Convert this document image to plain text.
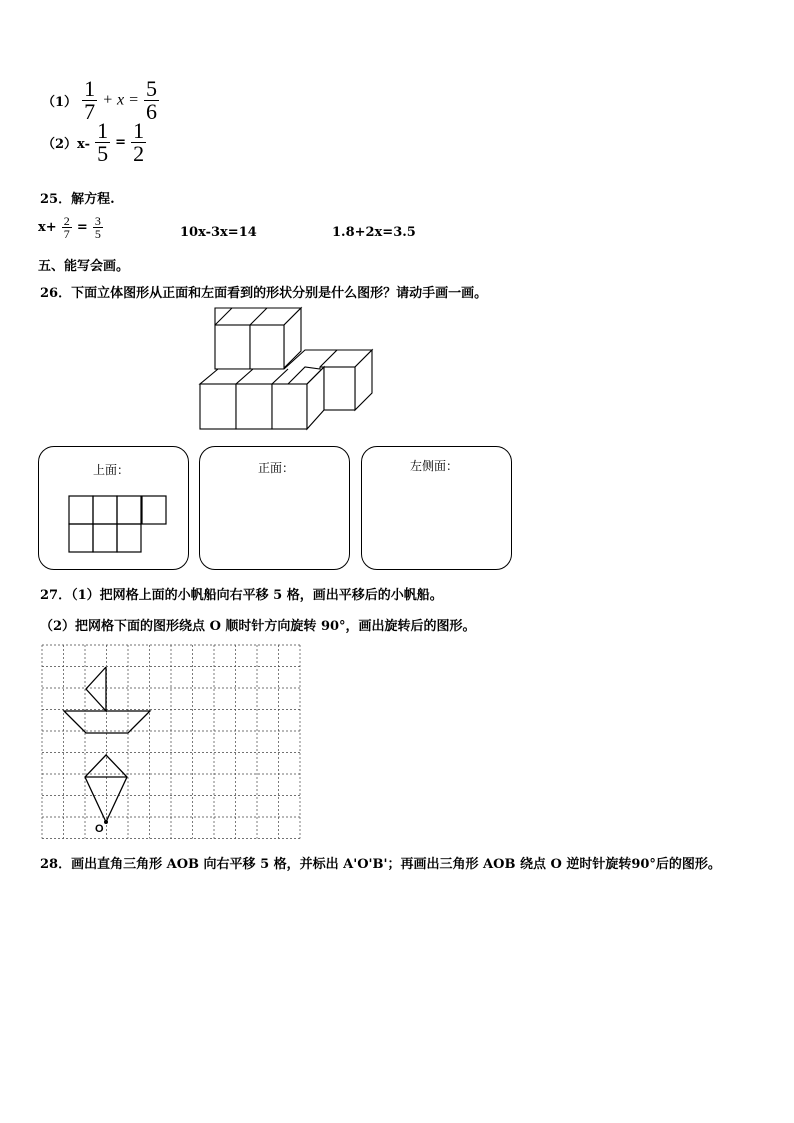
$(1) \frac{1}{7} + x = \frac{5}{6}$
$(2)x- \frac{1}{5} = \frac{1}{2}$
25．解方程.
$x+ \frac{2}{7} = \frac{3}{5}$	10x-3x=14	1.8+2x=3.5
五、能写会画。
26．下面立体图形从正面和左面看到的形状分别是什么图形？请动手画一画。
上面：	正面：	左侧面：
27．（1）把网格上面的小帆船向右平移 5 格，画出平移后的小帆船。
（2）把网格下面的图形绕点 O 顺时针方向旋转 90°，画出旋转后的图形。
O
28．画出直角三角形 AOB 向右平移 5 格，并标出 A'O'B'；再画出三角形 AOB 绕点 O 逆时针旋转90°后的图形。
